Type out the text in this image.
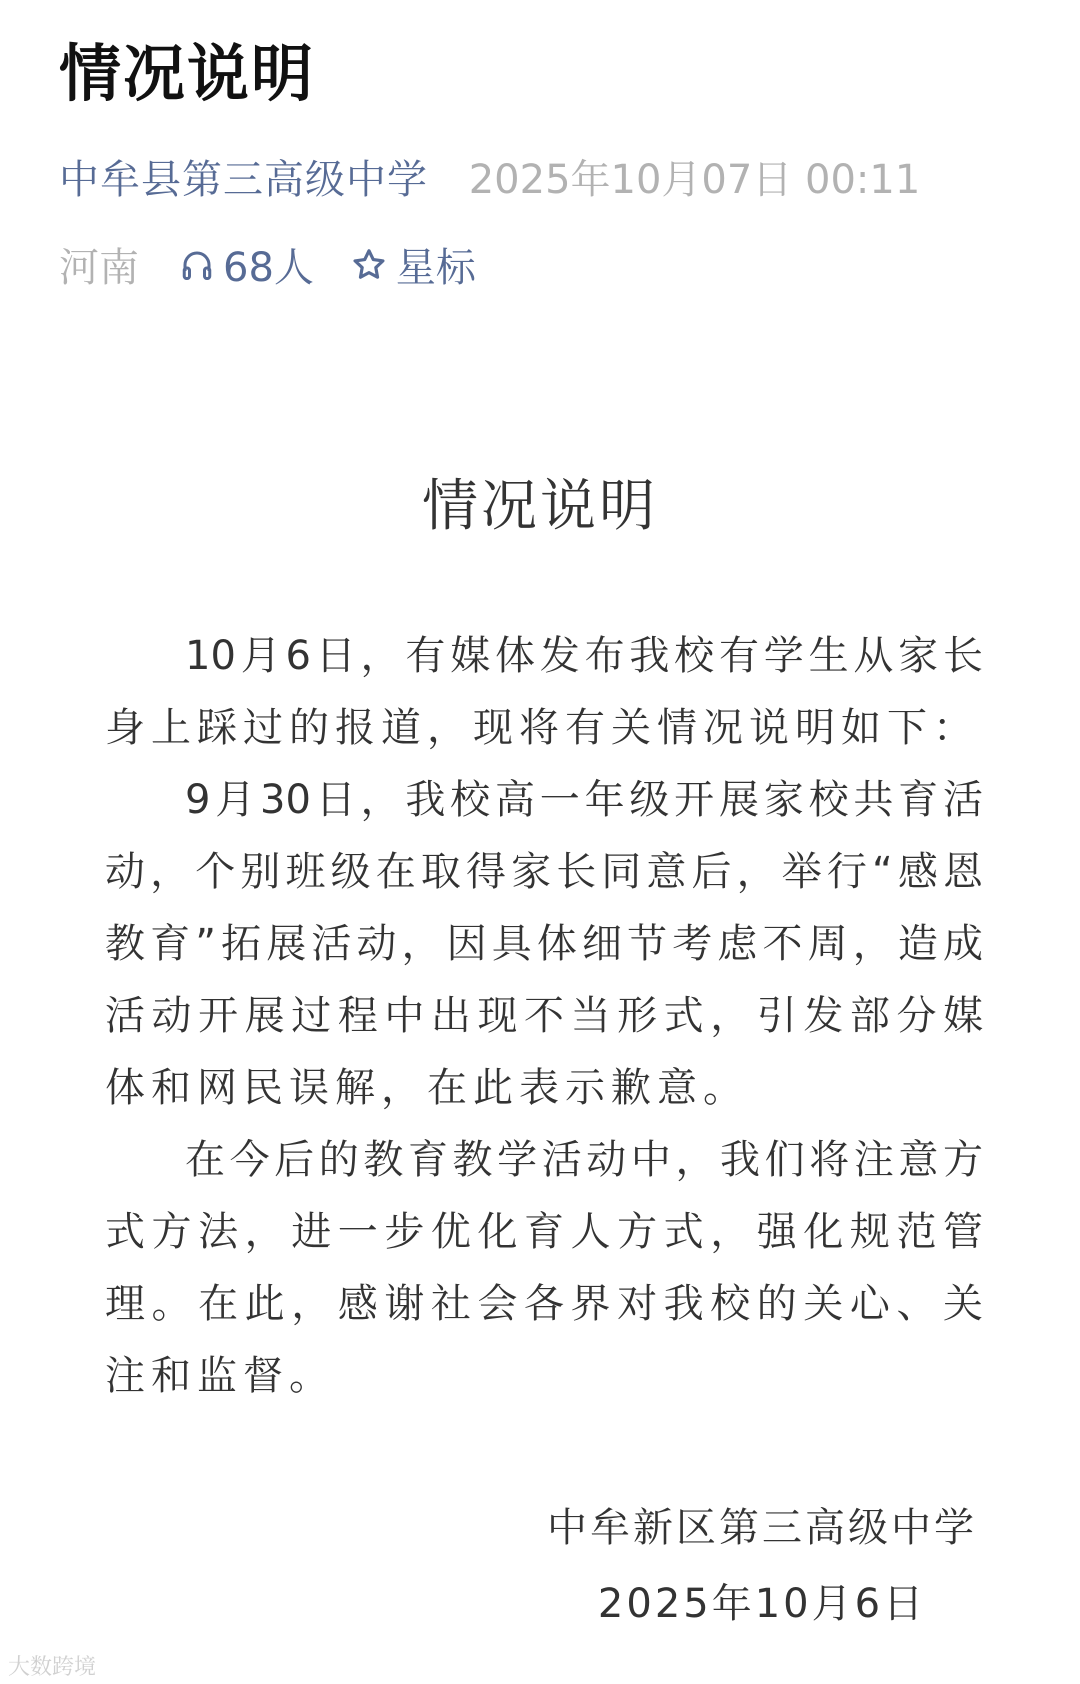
情况说明
中牟县第三高级中学 2025年10月07日 00:11
河南 68人 星标
情况说明
10月6日，有媒体发布我校有学生从家长
身上踩过的报道，现将有关情况说明如下：
9月30日，我校高一年级开展家校共育活
动，个别班级在取得家长同意后，举行“感恩
教育”拓展活动，因具体细节考虑不周，造成
活动开展过程中出现不当形式，引发部分媒
体和网民误解，在此表示歉意。
在今后的教育教学活动中，我们将注意方
式方法，进一步优化育人方式，强化规范管
理。在此，感谢社会各界对我校的关心、关
注和监督。
中牟新区第三高级中学
2025年10月6日
大数跨境
